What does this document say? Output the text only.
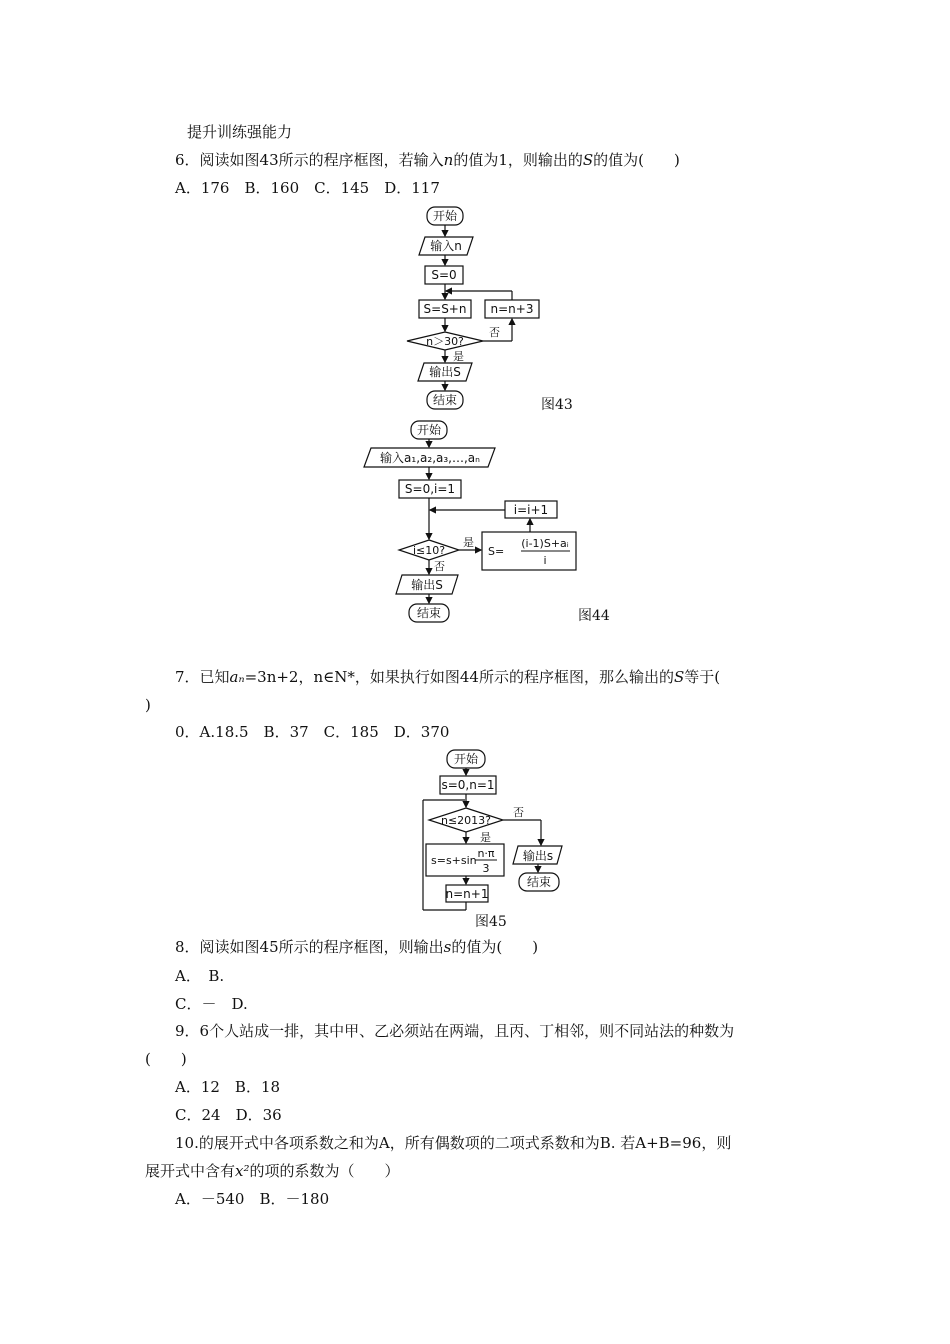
提升训练强能力
6．阅读如图43所示的程序框图，若输入n的值为1，则输出的S的值为(　　)
A．176　B．160　C．145　D．117
开始
输入n
S=0
S=S+n n=n+3
n＞30?
否
是
输出S
结束	图43
开始
输入a₁,a₂,a₃,…,aₙ
S=0,i=1
i=i+1
i≤10?
是
否
S=
(i-1)S+aᵢ
i
输出S
结束	图44
7．已知aₙ=3n+2，n∈N*，如果执行如图44所示的程序框图，那么输出的S等于(
)
0．A.18.5　B．37　C．185　D．370
开始
s=0,n=1
n≤2013?
否
是
s=s+sin
n·π
3
n=n+1
输出s
结束
图45
8．阅读如图45所示的程序框图，则输出s的值为(　　)
A．　B.
C．－　D.
9．6个人站成一排，其中甲、乙必须站在两端，且丙、丁相邻，则不同站法的种数为
(　　)
A．12　B．18
C．24　D．36
10.的展开式中各项系数之和为A，所有偶数项的二项式系数和为B. 若A+B=96，则
展开式中含有x²的项的系数为（　　）
A．－540　B．－180
